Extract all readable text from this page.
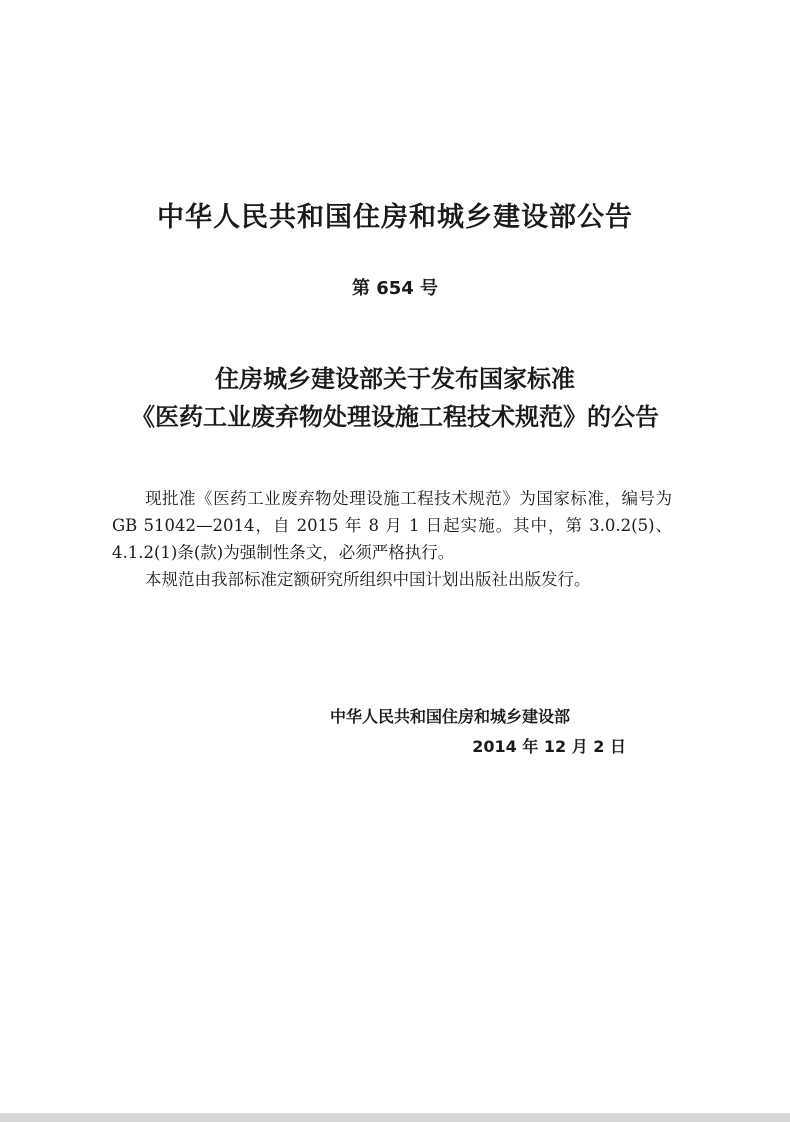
中华人民共和国住房和城乡建设部公告
第 654 号
住房城乡建设部关于发布国家标准
《医药工业废弃物处理设施工程技术规范》的公告

现批准《医药工业废弃物处理设施工程技术规范》为国家标准，编号为GB 51042—2014，自 2015 年 8 月 1 日起实施。其中，第 3.0.2(5)、4.1.2(1)条(款)为强制性条文，必须严格执行。

本规范由我部标准定额研究所组织中国计划出版社出版发行。

中华人民共和国住房和城乡建设部
2014 年 12 月 2 日
